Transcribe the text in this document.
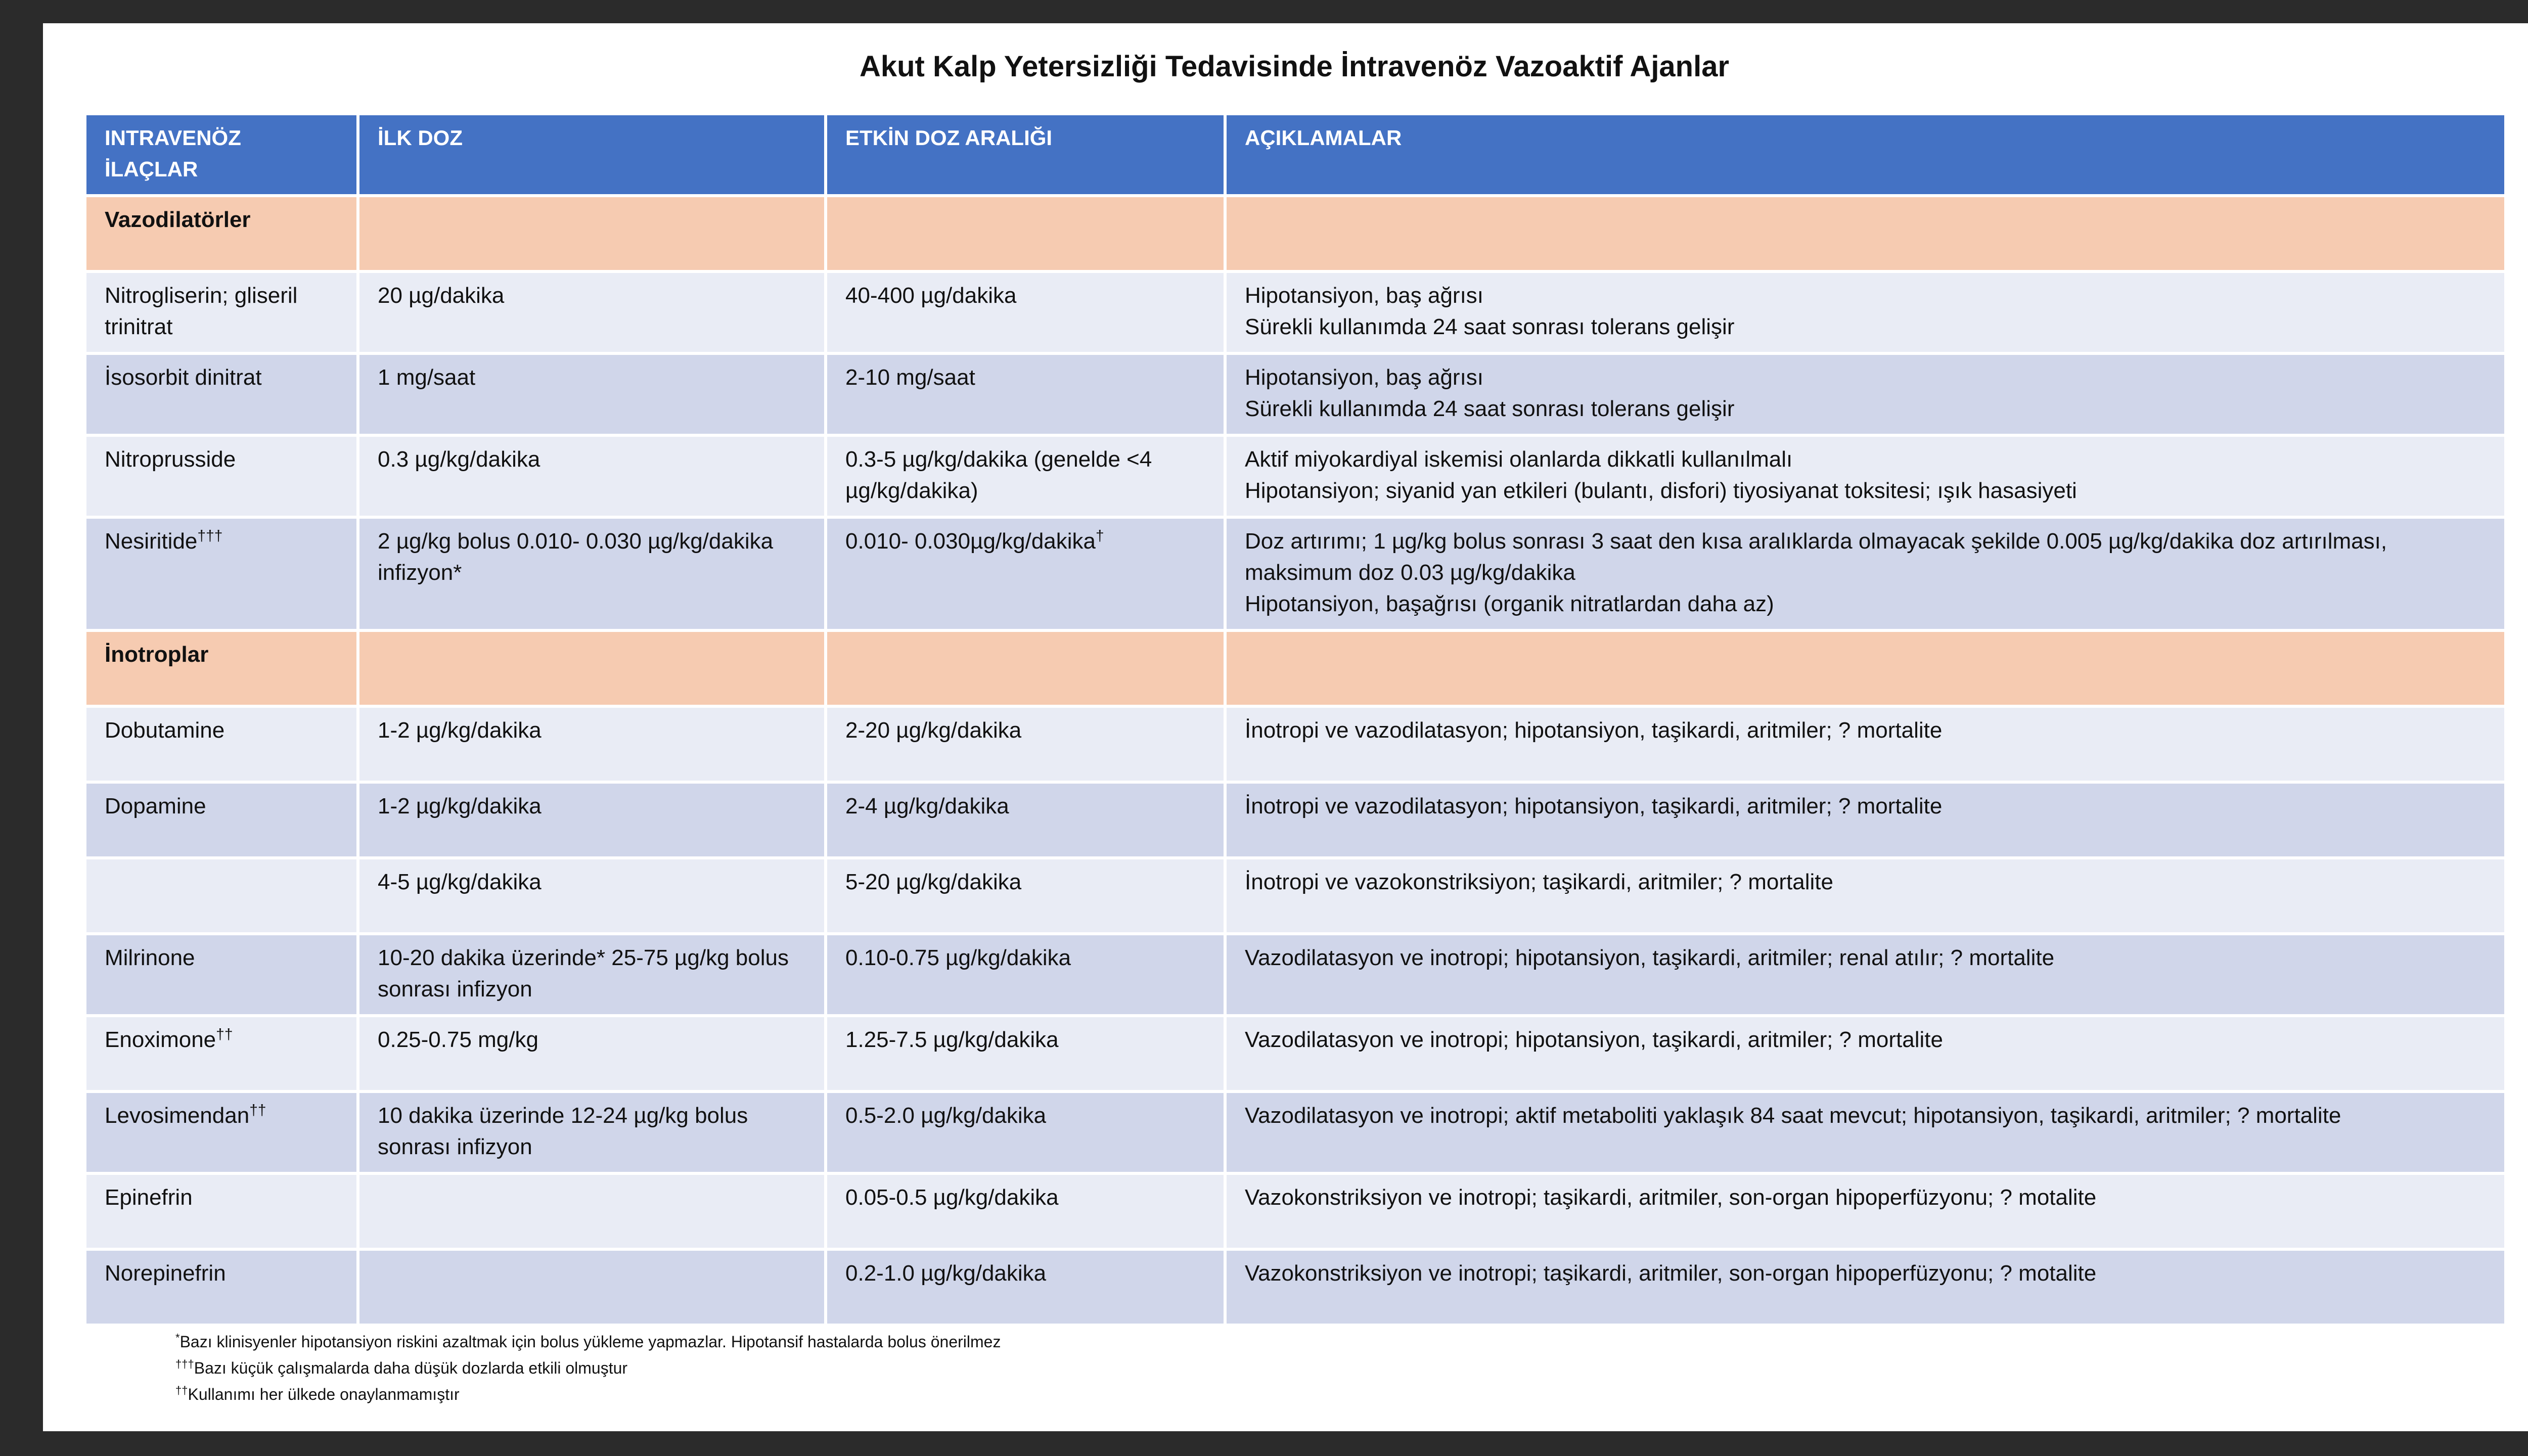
Akut Kalp Yetersizliği Tedavisinde İntravenöz Vazoaktif Ajanlar
INTRAVENÖZ İLAÇLAR	İLK DOZ	ETKİN DOZ ARALIĞI	AÇIKLAMALAR
Vazodilatörler			
Nitrogliserin; gliseril trinitrat	20 µg/dakika	40-400 µg/dakika	Hipotansiyon, baş ağrısı
Sürekli kullanımda 24 saat sonrası tolerans gelişir

İsosorbit dinitrat	1 mg/saat	2-10 mg/saat	Hipotansiyon, baş ağrısı
Sürekli kullanımda 24 saat sonrası tolerans gelişir

Nitroprusside	0.3 µg/kg/dakika	0.3-5 µg/kg/dakika (genelde <4 µg/kg/dakika)	Aktif miyokardiyal iskemisi olanlarda dikkatli kullanılmalı
Hipotansiyon; siyanid yan etkileri (bulantı, disfori) tiyosiyanat toksitesi; ışık hasasiyeti

Nesiritide†††	2 µg/kg bolus 0.010- 0.030 µg/kg/dakika infizyon*	0.010- 0.030µg/kg/dakika†	Doz artırımı; 1 µg/kg bolus sonrası 3 saat den kısa aralıklarda olmayacak şekilde 0.005 µg/kg/dakika doz artırılması, maksimum doz 0.03 µg/kg/dakika
Hipotansiyon, başağrısı (organik nitratlardan daha az)

İnotroplar			
Dobutamine	1-2 µg/kg/dakika	2-20 µg/kg/dakika	İnotropi ve vazodilatasyon; hipotansiyon, taşikardi, aritmiler; ? mortalite

Dopamine	1-2 µg/kg/dakika	2-4 µg/kg/dakika	İnotropi ve vazodilatasyon; hipotansiyon, taşikardi, aritmiler; ? mortalite

	4-5 µg/kg/dakika	5-20 µg/kg/dakika	İnotropi ve vazokonstriksiyon; taşikardi, aritmiler; ? mortalite

Milrinone	10-20 dakika üzerinde* 25-75 µg/kg bolus sonrası infizyon	0.10-0.75 µg/kg/dakika	Vazodilatasyon ve inotropi; hipotansiyon, taşikardi, aritmiler; renal atılır; ? mortalite

Enoximone††	0.25-0.75 mg/kg	1.25-7.5 µg/kg/dakika	Vazodilatasyon ve inotropi; hipotansiyon, taşikardi, aritmiler; ? mortalite

Levosimendan††	10 dakika üzerinde 12-24 µg/kg bolus sonrası infizyon	0.5-2.0 µg/kg/dakika	Vazodilatasyon ve inotropi; aktif metaboliti yaklaşık 84 saat mevcut; hipotansiyon, taşikardi, aritmiler; ? mortalite

Epinefrin		0.05-0.5 µg/kg/dakika	Vazokonstriksiyon ve inotropi; taşikardi, aritmiler, son-organ hipoperfüzyonu; ? motalite

Norepinefrin		0.2-1.0 µg/kg/dakika	Vazokonstriksiyon ve inotropi; taşikardi, aritmiler, son-organ hipoperfüzyonu; ? motalite
*Bazı klinisyenler hipotansiyon riskini azaltmak için bolus yükleme yapmazlar. Hipotansif hastalarda bolus önerilmez
†††Bazı küçük çalışmalarda daha düşük dozlarda etkili olmuştur
††Kullanımı her ülkede onaylanmamıştır
